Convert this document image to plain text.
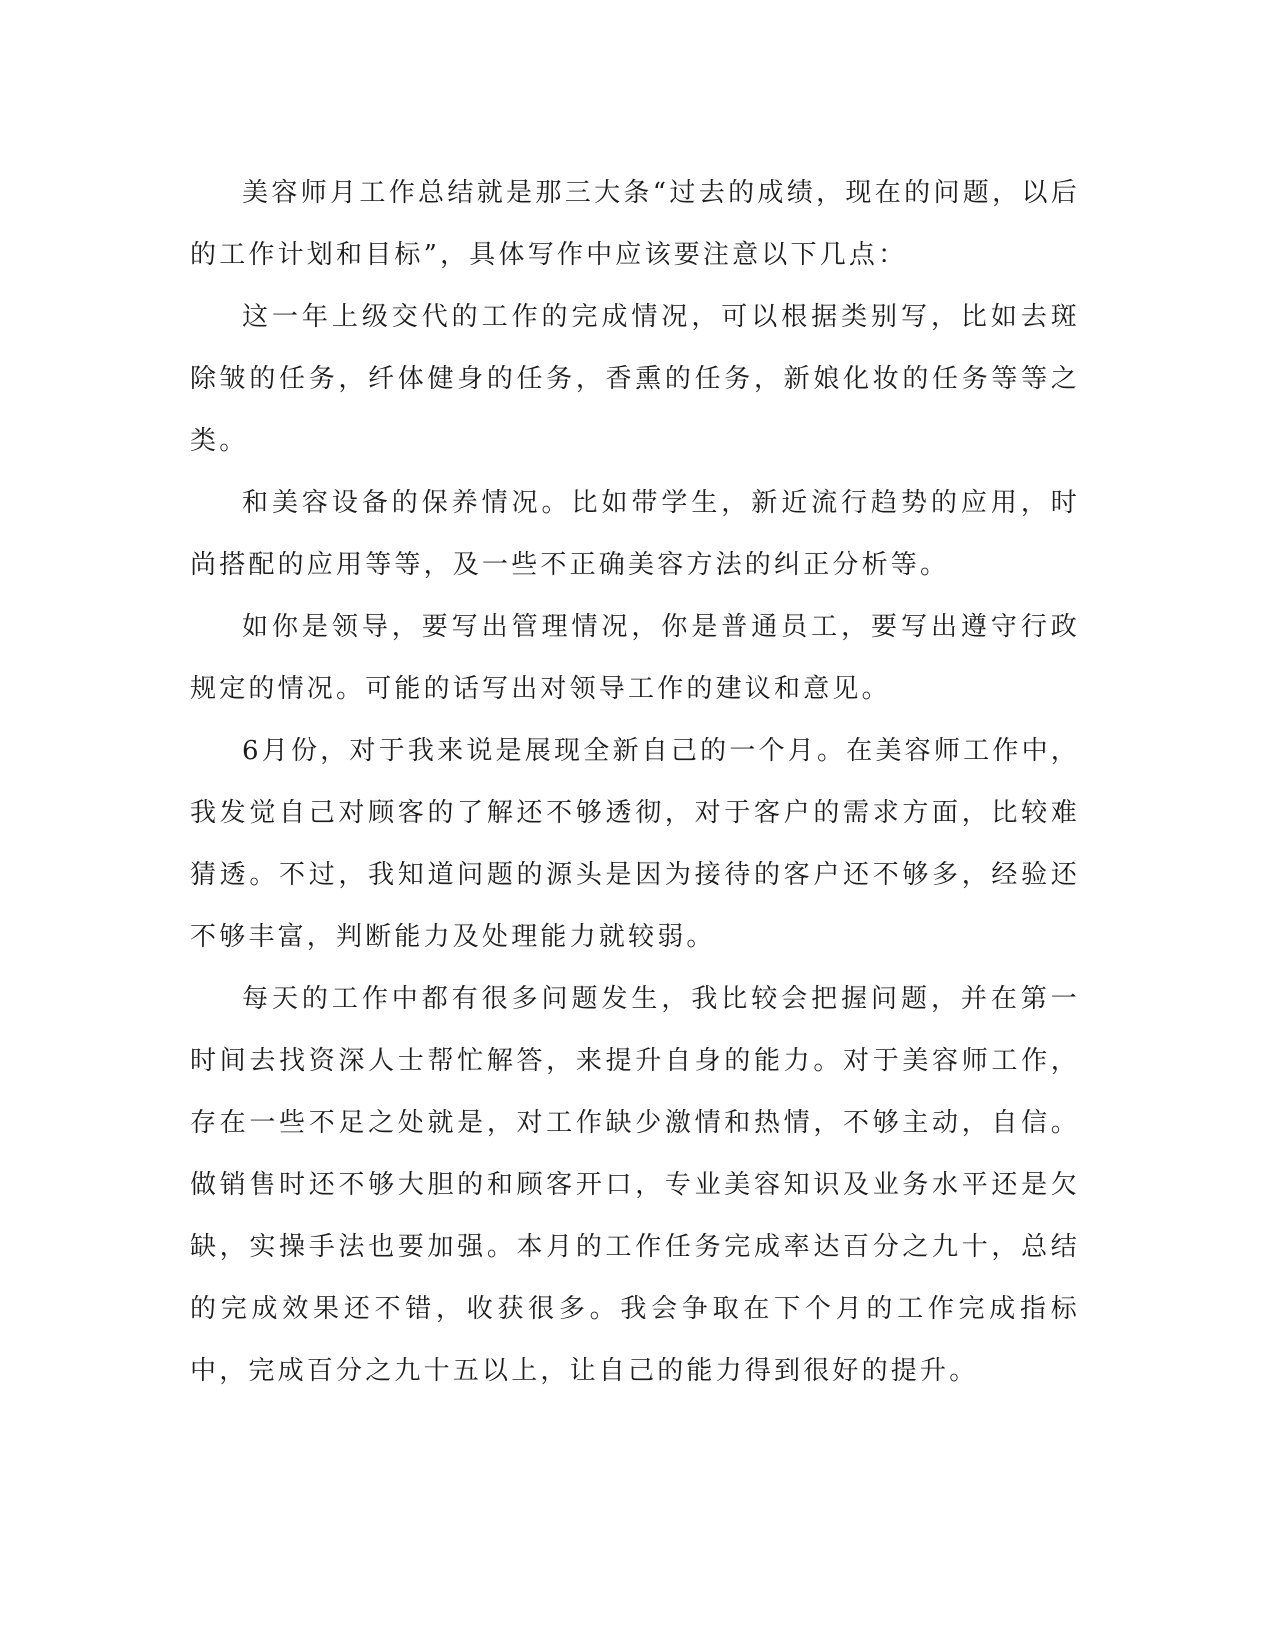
美容师月工作总结就是那三大条“过去的成绩，现在的问题，以后的工作计划和目标”，具体写作中应该要注意以下几点：

这一年上级交代的工作的完成情况，可以根据类别写，比如去斑除皱的任务，纤体健身的任务，香熏的任务，新娘化妆的任务等等之类。

和美容设备的保养情况。比如带学生，新近流行趋势的应用，时尚搭配的应用等等，及一些不正确美容方法的纠正分析等。

如你是领导，要写出管理情况，你是普通员工，要写出遵守行政规定的情况。可能的话写出对领导工作的建议和意见。

6月份，对于我来说是展现全新自己的一个月。在美容师工作中，我发觉自己对顾客的了解还不够透彻，对于客户的需求方面，比较难猜透。不过，我知道问题的源头是因为接待的客户还不够多，经验还不够丰富，判断能力及处理能力就较弱。

每天的工作中都有很多问题发生，我比较会把握问题，并在第一时间去找资深人士帮忙解答，来提升自身的能力。对于美容师工作，存在一些不足之处就是，对工作缺少激情和热情，不够主动，自信。做销售时还不够大胆的和顾客开口，专业美容知识及业务水平还是欠缺，实操手法也要加强。本月的工作任务完成率达百分之九十，总结的完成效果还不错，收获很多。我会争取在下个月的工作完成指标中，完成百分之九十五以上，让自己的能力得到很好的提升。
